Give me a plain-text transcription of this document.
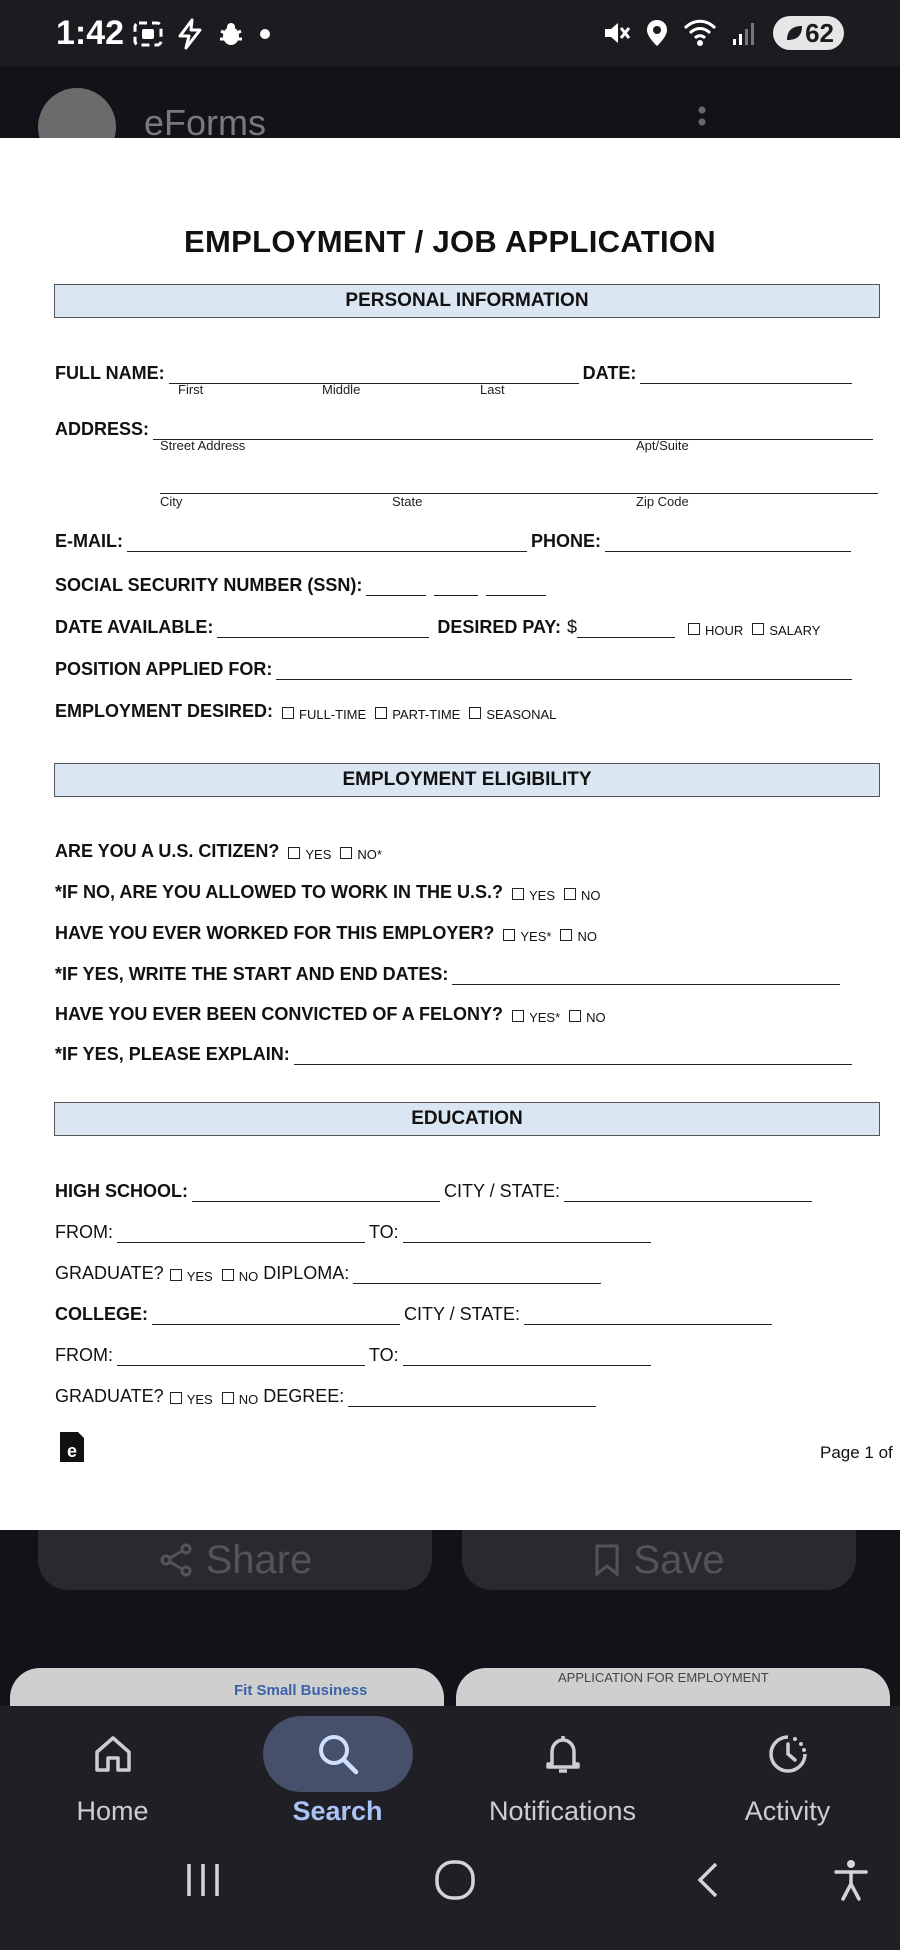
1:42	62
eForms
EMPLOYMENT / JOB APPLICATION
PERSONAL INFORMATION
FULL NAME:	DATE:
First	Middle	Last
ADDRESS:
Street Address	Apt/Suite
City	State	Zip Code
E-MAIL:	PHONE:
SOCIAL SECURITY NUMBER (SSN):
DATE AVAILABLE:	DESIRED PAY: $	HOUR SALARY
POSITION APPLIED FOR:
EMPLOYMENT DESIRED: FULL-TIME PART-TIME SEASONAL
EMPLOYMENT ELIGIBILITY
ARE YOU A U.S. CITIZEN? YES NO*
*IF NO, ARE YOU ALLOWED TO WORK IN THE U.S.? YES NO
HAVE YOU EVER WORKED FOR THIS EMPLOYER? YES* NO
*IF YES, WRITE THE START AND END DATES:
HAVE YOU EVER BEEN CONVICTED OF A FELONY? YES* NO
*IF YES, PLEASE EXPLAIN:
EDUCATION
HIGH SCHOOL:	CITY / STATE:
FROM:	TO:
GRADUATE? YES NO DIPLOMA:
COLLEGE:	CITY / STATE:
FROM:	TO:
GRADUATE? YES NO DEGREE:
e	Page 1 of
Share	Save
Fit Small Business
APPLICATION FOR EMPLOYMENT
Home	Search	Notifications	Activity
